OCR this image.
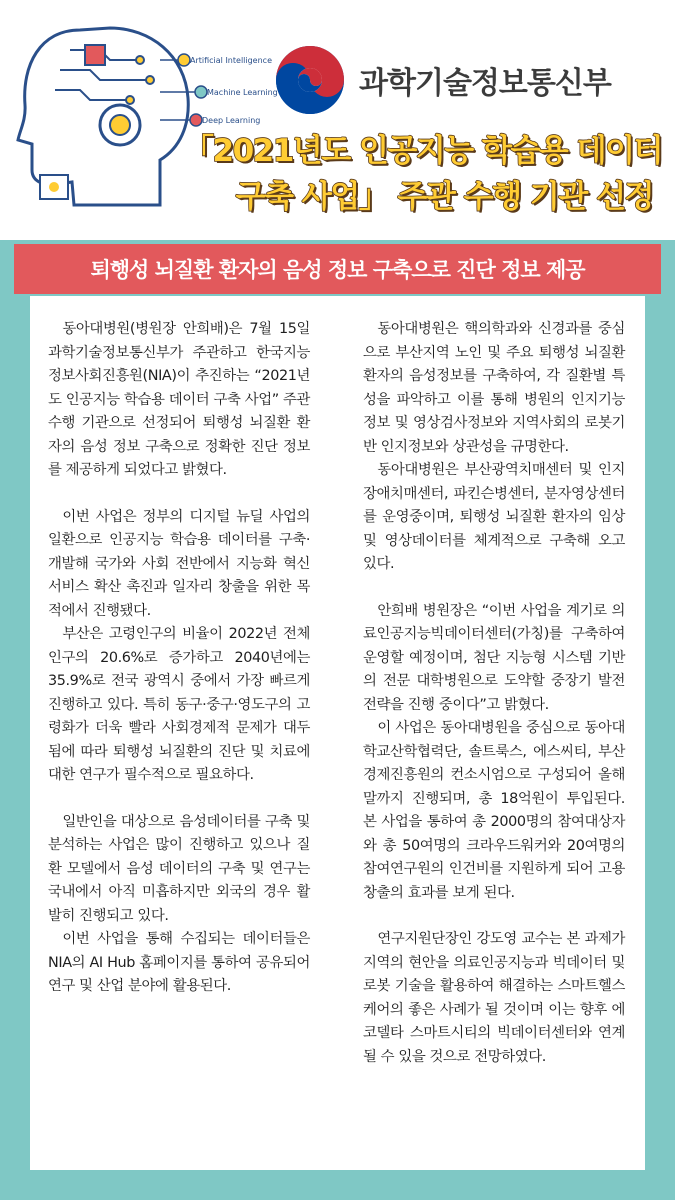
Artificial Intelligence
Machine Learning
Deep Learning
과학기술정보통신부
「2021년도 인공지능 학습용 데이터
구축 사업」 주관 수행 기관 선정
퇴행성 뇌질환 환자의 음성 정보 구축으로 진단 정보 제공

동아대병원(병원장 안희배)은 7월 15일 과학기술정보통신부가 주관하고 한국지능정보사회진흥원(NIA)이 추진하는 “2021년도 인공지능 학습용 데이터 구축 사업” 주관 수행 기관으로 선정되어 퇴행성 뇌질환 환자의 음성 정보 구축으로 정확한 진단 정보를 제공하게 되었다고 밝혔다.

이번 사업은 정부의 디지털 뉴딜 사업의 일환으로 인공지능 학습용 데이터를 구축·개발해 국가와 사회 전반에서 지능화 혁신 서비스 확산 촉진과 일자리 창출을 위한 목적에서 진행됐다.

부산은 고령인구의 비율이 2022년 전체 인구의 20.6%로 증가하고 2040년에는 35.9%로 전국 광역시 중에서 가장 빠르게 진행하고 있다. 특히 동구·중구·영도구의 고령화가 더욱 빨라 사회경제적 문제가 대두됨에 따라 퇴행성 뇌질환의 진단 및 치료에 대한 연구가 필수적으로 필요하다.

일반인을 대상으로 음성데이터를 구축 및 분석하는 사업은 많이 진행하고 있으나 질환 모델에서 음성 데이터의 구축 및 연구는 국내에서 아직 미흡하지만 외국의 경우 활발히 진행되고 있다.

이번 사업을 통해 수집되는 데이터들은 NIA의 AI Hub 홈페이지를 통하여 공유되어 연구 및 산업 분야에 활용된다.

동아대병원은 핵의학과와 신경과를 중심으로 부산지역 노인 및 주요 퇴행성 뇌질환 환자의 음성정보를 구축하여, 각 질환별 특성을 파악하고 이를 통해 병원의 인지기능정보 및 영상검사정보와 지역사회의 로봇기반 인지정보와 상관성을 규명한다.

동아대병원은 부산광역치매센터 및 인지장애치매센터, 파킨슨병센터, 분자영상센터를 운영중이며, 퇴행성 뇌질환 환자의 임상 및 영상데이터를 체계적으로 구축해 오고 있다.

안희배 병원장은 “이번 사업을 계기로 의료인공지능빅데이터센터(가칭)를 구축하여 운영할 예정이며, 첨단 지능형 시스템 기반의 전문 대학병원으로 도약할 중장기 발전 전략을 진행 중이다”고 밝혔다.

이 사업은 동아대병원을 중심으로 동아대학교산학협력단, 솔트룩스, 에스씨티, 부산경제진흥원의 컨소시엄으로 구성되어 올해 말까지 진행되며, 총 18억원이 투입된다. 본 사업을 통하여 총 2000명의 참여대상자와 총 50여명의 크라우드워커와 20여명의 참여연구원의 인건비를 지원하게 되어 고용창출의 효과를 보게 된다.

연구지원단장인 강도영 교수는 본 과제가 지역의 현안을 의료인공지능과 빅데이터 및 로봇 기술을 활용하여 해결하는 스마트헬스케어의 좋은 사례가 될 것이며 이는 향후 에코델타 스마트시티의 빅데이터센터와 연계될 수 있을 것으로 전망하였다.
